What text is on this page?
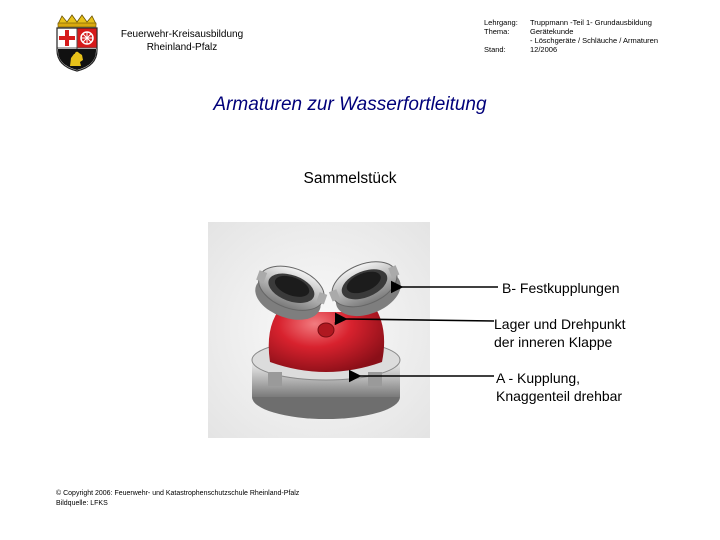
Feuerwehr-Kreisausbildung
Rheinland-Pfalz
Lehrgang:	Truppmann -Teil 1- Grundausbildung
Thema:	Gerätekunde
- Löschgeräte / Schläuche / Armaturen
Stand:	12/2006
Armaturen zur Wasserfortleitung
Sammelstück
B- Festkupplungen
Lager und Drehpunkt
der inneren Klappe
A - Kupplung,
Knaggenteil drehbar
© Copyright 2006: Feuerwehr- und Katastrophenschutzschule Rheinland-Pfalz
Bildquelle: LFKS
